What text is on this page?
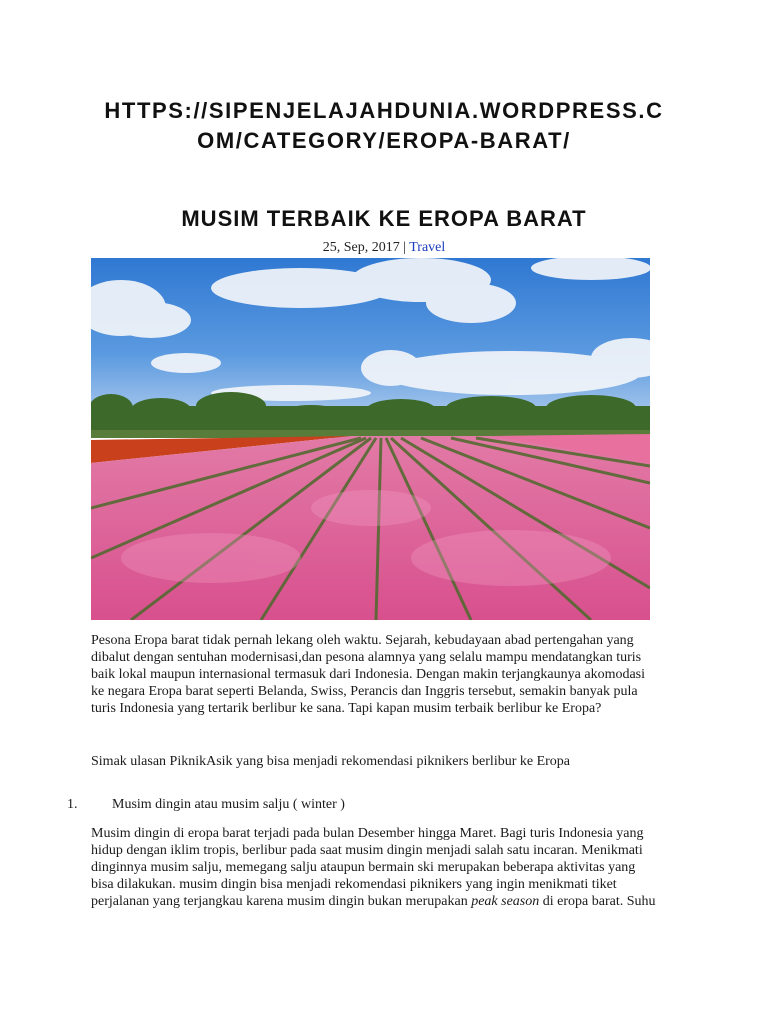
HTTPS://SIPENJELAJAHDUNIA.WORDPRESS.C
OM/CATEGORY/EROPA-BARAT/
MUSIM TERBAIK KE EROPA BARAT
25, Sep, 2017 | Travel
Pesona Eropa barat tidak pernah lekang oleh waktu. Sejarah, kebudayaan abad pertengahan yang dibalut dengan sentuhan modernisasi,dan pesona alamnya yang selalu mampu mendatangkan turis baik lokal maupun internasional termasuk dari Indonesia. Dengan makin terjangkaunya akomodasi ke negara Eropa barat seperti Belanda, Swiss, Perancis dan Inggris tersebut, semakin banyak pula turis Indonesia yang tertarik berlibur ke sana. Tapi kapan musim terbaik berlibur ke Eropa?
Simak ulasan PiknikAsik yang bisa menjadi rekomendasi piknikers berlibur ke Eropa
1. Musim dingin atau musim salju ( winter )
Musim dingin di eropa barat terjadi pada bulan Desember hingga Maret. Bagi turis Indonesia yang hidup dengan iklim tropis, berlibur pada saat musim dingin menjadi salah satu incaran. Menikmati dinginnya musim salju, memegang salju ataupun bermain ski merupakan beberapa aktivitas yang bisa dilakukan. musim dingin bisa menjadi rekomendasi piknikers yang ingin menikmati tiket perjalanan yang terjangkau karena musim dingin bukan merupakan peak season di eropa barat. Suhu
